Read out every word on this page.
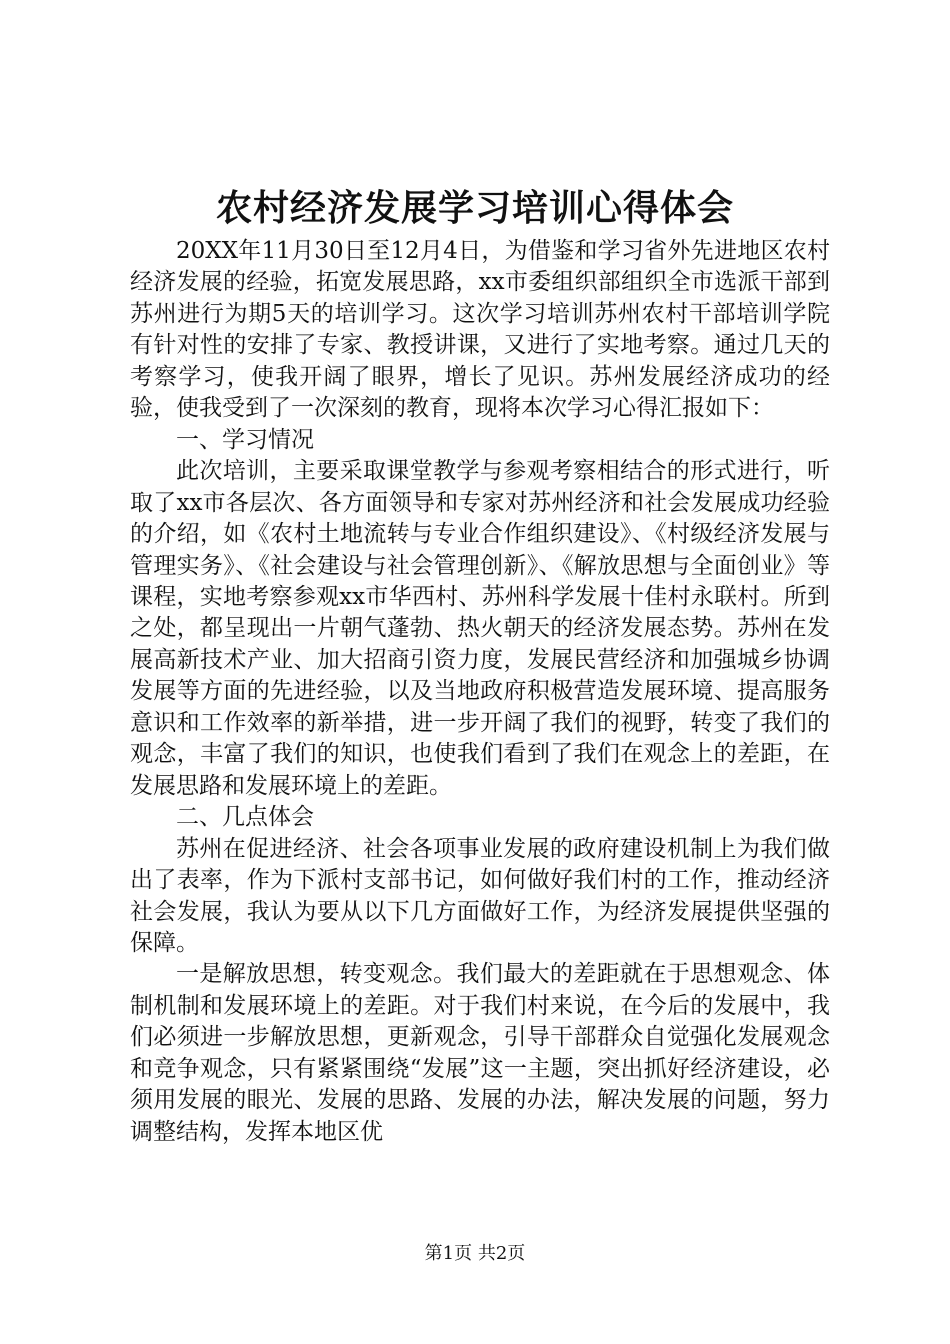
农村经济发展学习培训心得体会

20XX年11月30日至12月4日，为借鉴和学习省外先进地区农村经济发展的经验，拓宽发展思路，xx市委组织部组织全市选派干部到苏州进行为期5天的培训学习。这次学习培训苏州农村干部培训学院有针对性的安排了专家、教授讲课，又进行了实地考察。通过几天的考察学习，使我开阔了眼界，增长了见识。苏州发展经济成功的经验，使我受到了一次深刻的教育，现将本次学习心得汇报如下：

一、学习情况

此次培训，主要采取课堂教学与参观考察相结合的形式进行，听取了xx市各层次、各方面领导和专家对苏州经济和社会发展成功经验的介绍，如《农村土地流转与专业合作组织建设》、《村级经济发展与管理实务》、《社会建设与社会管理创新》、《解放思想与全面创业》等课程，实地考察参观xx市华西村、苏州科学发展十佳村永联村。所到之处，都呈现出一片朝气蓬勃、热火朝天的经济发展态势。苏州在发展高新技术产业、加大招商引资力度，发展民营经济和加强城乡协调发展等方面的先进经验，以及当地政府积极营造发展环境、提高服务意识和工作效率的新举措，进一步开阔了我们的视野，转变了我们的观念，丰富了我们的知识，也使我们看到了我们在观念上的差距，在发展思路和发展环境上的差距。

二、几点体会

苏州在促进经济、社会各项事业发展的政府建设机制上为我们做出了表率，作为下派村支部书记，如何做好我们村的工作，推动经济社会发展，我认为要从以下几方面做好工作，为经济发展提供坚强的保障。

一是解放思想，转变观念。我们最大的差距就在于思想观念、体制机制和发展环境上的差距。对于我们村来说，在今后的发展中，我们必须进一步解放思想，更新观念，引导干部群众自觉强化发展观念和竞争观念，只有紧紧围绕“发展”这一主题，突出抓好经济建设，必须用发展的眼光、发展的思路、发展的办法，解决发展的问题，努力调整结构，发挥本地区优

第1页 共2页
